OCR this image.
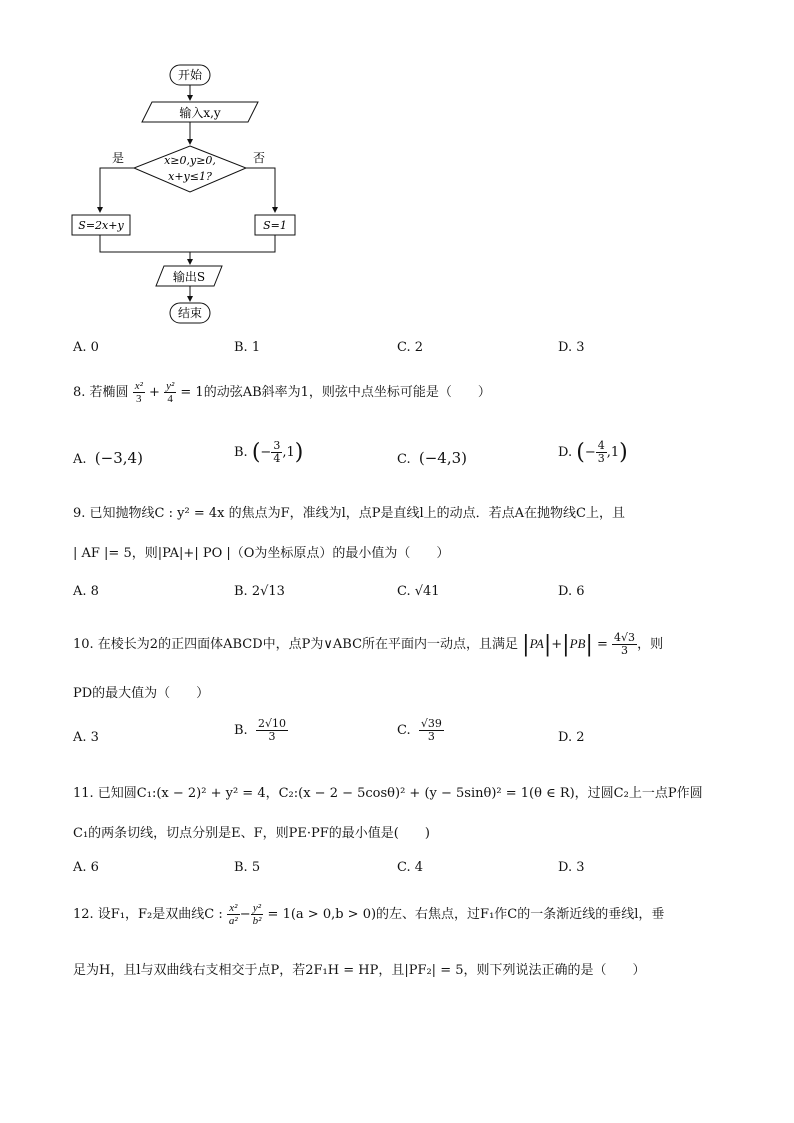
开始
输入x,y
x≥0,y≥0,
x+y≤1?
是	否
S=2x+y	S=1
输出S
结束
A. 0	B. 1	C. 2	D. 3
8. 若椭圆 $\frac{\text{x²}}{3} + \frac{\text{y²}}{4} = 1$的动弦AB斜率为1，则弦中点坐标可能是（　　）
A. (−3,4)	B. (− $\frac{3}{4} ,1$)	C. (−4,3)	D. (− $\frac{4}{3} ,1$)
9. 已知抛物线C : y² = 4x 的焦点为F，准线为l，点P是直线l上的动点．若点A在抛物线C上，且
| AF |= 5，则|PA|+| PO |（O为坐标原点）的最小值为（　　）
A. 8	B. 2√13	C. √41	D. 6
10. 在棱长为2的正四面体ABCD中，点P为∨ABC所在平面内一动点，且满足 $|PA|+|PB| = \frac{4√3}{3}$ ，则
PD的最大值为（　　）
A. 3	B. $\frac{2√10}{3}$	C. $\frac{√39}{3}$	D. 2
11. 已知圆C₁:(x − 2)² + y² = 4，C₂:(x − 2 − 5cosθ)² + (y − 5sinθ)² = 1(θ ∈ R)，过圆C₂上一点P作圆
C₁的两条切线，切点分别是E、F，则PE·PF的最小值是(　　)
A. 6	B. 5	C. 4	D. 3
12. 设F₁，F₂是双曲线C : $\frac{\text{x²}}{\text{a²}} - \frac{\text{y²}}{\text{b²}} = 1(a > 0,b > 0)$的左、右焦点，过F₁作C的一条渐近线的垂线l，垂
足为H，且l与双曲线右支相交于点P，若2F₁H = HP，且|PF₂| = 5，则下列说法正确的是（　　）
